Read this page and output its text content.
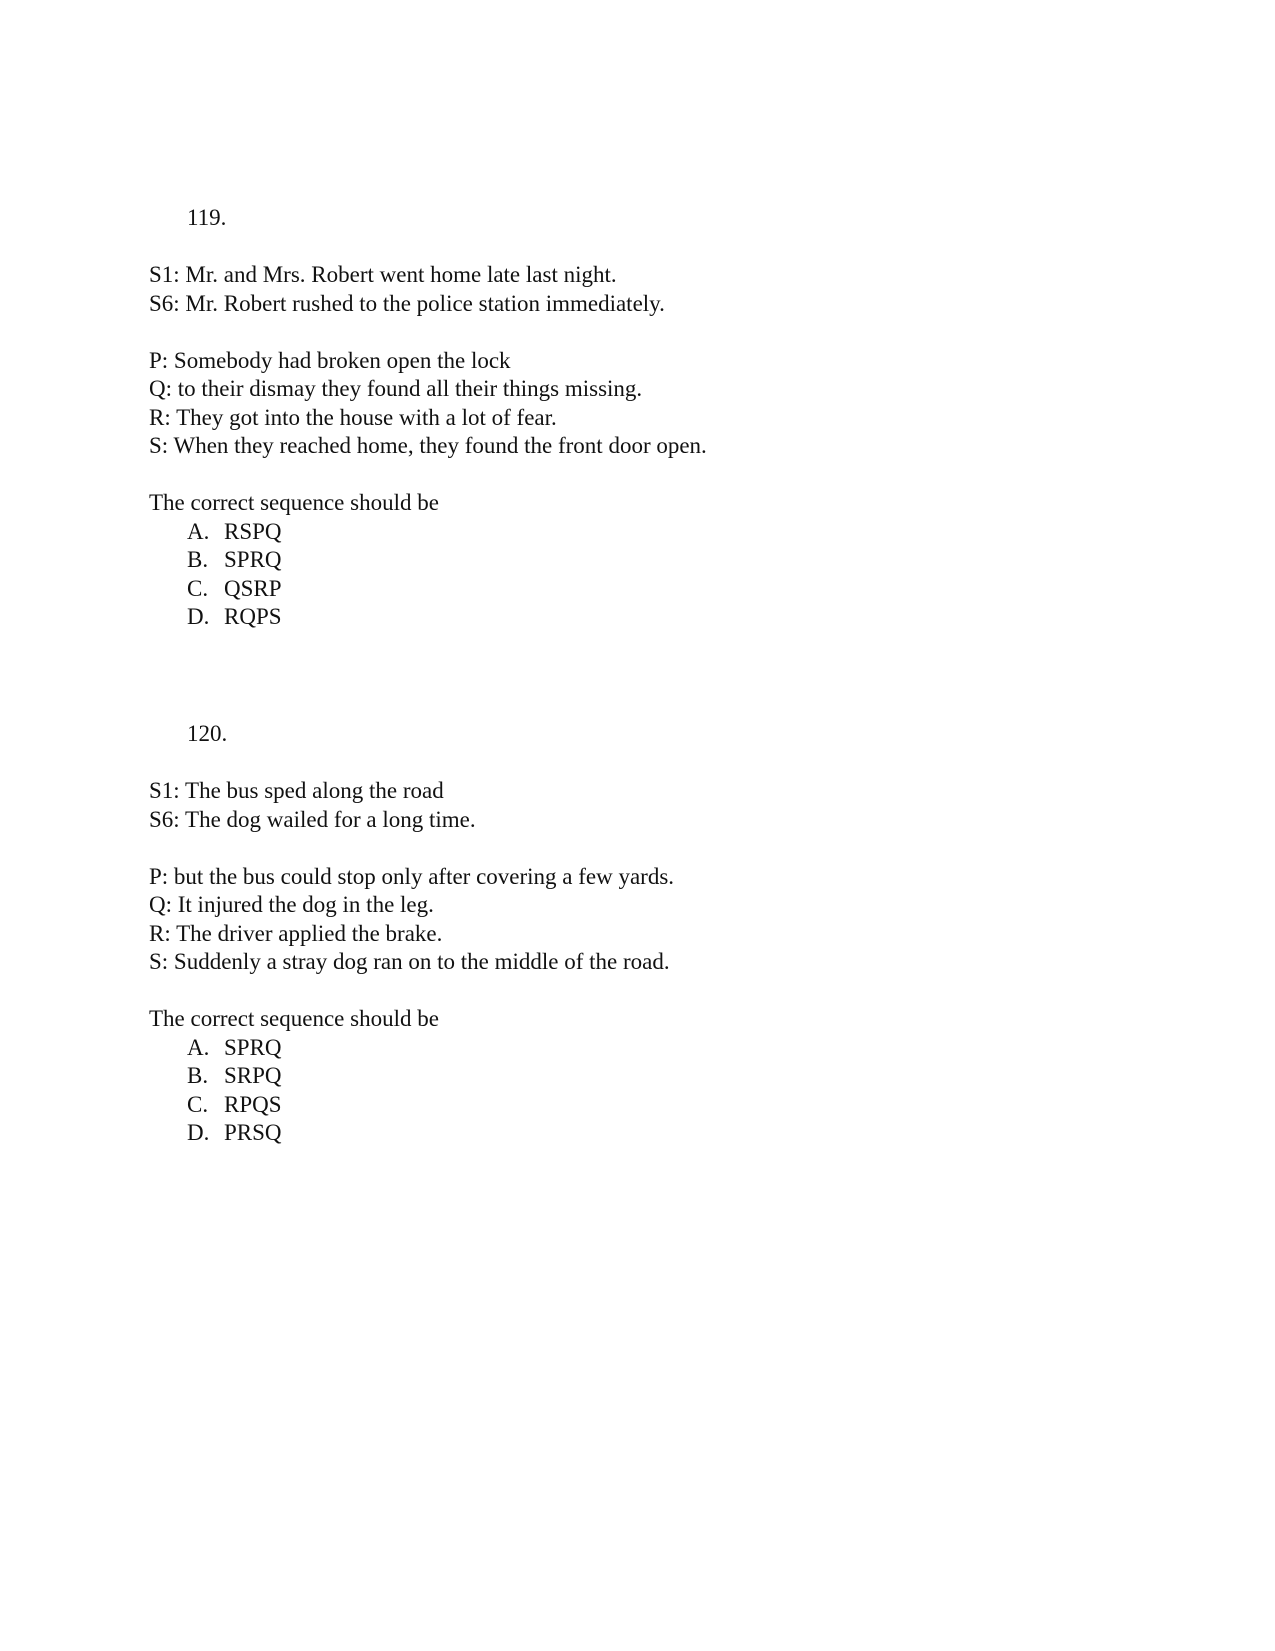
119.
S1: Mr. and Mrs. Robert went home late last night.
S6: Mr. Robert rushed to the police station immediately.
P: Somebody had broken open the lock
Q: to their dismay they found all their things missing.
R: They got into the house with a lot of fear.
S: When they reached home, they found the front door open.
The correct sequence should be
A. RSPQ
B. SPRQ
C. QSRP
D. RQPS
120.
S1: The bus sped along the road
S6: The dog wailed for a long time.
P: but the bus could stop only after covering a few yards.
Q: It injured the dog in the leg.
R: The driver applied the brake.
S: Suddenly a stray dog ran on to the middle of the road.
The correct sequence should be
A. SPRQ
B. SRPQ
C. RPQS
D. PRSQ
